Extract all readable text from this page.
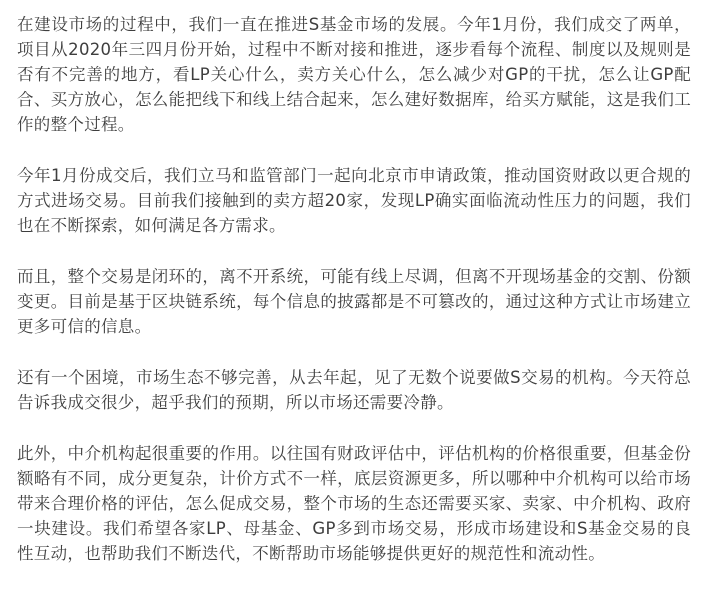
在建设市场的过程中，我们一直在推进S基金市场的发展。今年1月份，我们成交了两单，项目从2020年三四月份开始，过程中不断对接和推进，逐步看每个流程、制度以及规则是否有不完善的地方，看LP关心什么，卖方关心什么，怎么减少对GP的干扰，怎么让GP配合、买方放心，怎么能把线下和线上结合起来，怎么建好数据库，给买方赋能，这是我们工作的整个过程。

今年1月份成交后，我们立马和监管部门一起向北京市申请政策，推动国资财政以更合规的方式进场交易。目前我们接触到的卖方超20家，发现LP确实面临流动性压力的问题，我们也在不断探索，如何满足各方需求。

而且，整个交易是闭环的，离不开系统，可能有线上尽调，但离不开现场基金的交割、份额变更。目前是基于区块链系统，每个信息的披露都是不可篡改的，通过这种方式让市场建立更多可信的信息。

还有一个困境，市场生态不够完善，从去年起，见了无数个说要做S交易的机构。今天符总告诉我成交很少，超乎我们的预期，所以市场还需要冷静。

此外，中介机构起很重要的作用。以往国有财政评估中，评估机构的价格很重要，但基金份额略有不同，成分更复杂，计价方式不一样，底层资源更多，所以哪种中介机构可以给市场带来合理价格的评估，怎么促成交易，整个市场的生态还需要买家、卖家、中介机构、政府一块建设。我们希望各家LP、母基金、GP多到市场交易，形成市场建设和S基金交易的良性互动，也帮助我们不断迭代，不断帮助市场能够提供更好的规范性和流动性。
